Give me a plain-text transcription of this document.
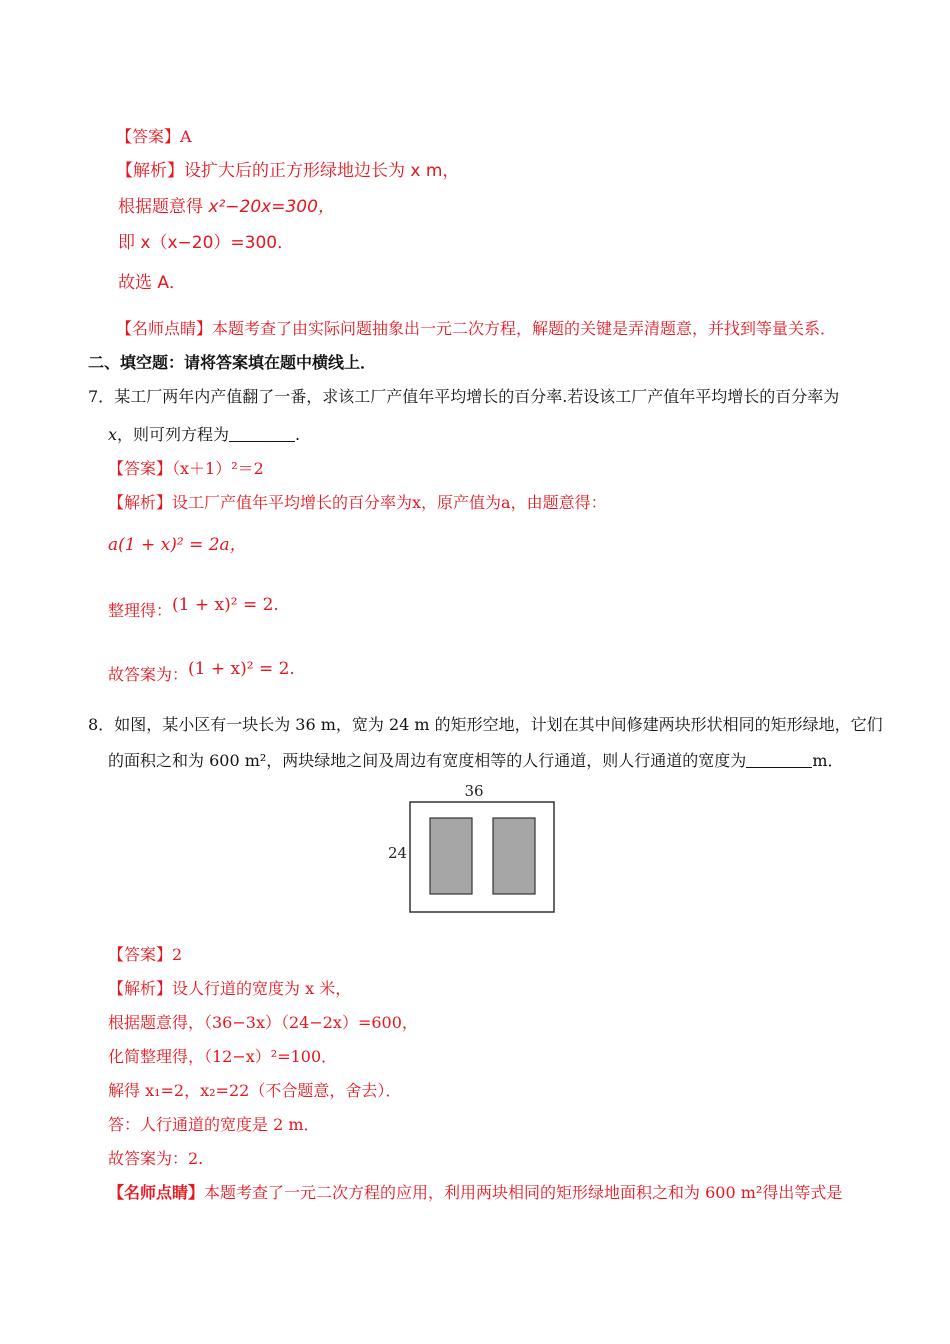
【答案】A
【解析】设扩大后的正方形绿地边长为 x m，
根据题意得 x²−20x=300，
即 x（x−20）=300．
故选 A．
【名师点睛】本题考查了由实际问题抽象出一元二次方程，解题的关键是弄清题意，并找到等量关系．
二、填空题：请将答案填在题中横线上．
7．某工厂两年内产值翻了一番，求该工厂产值年平均增长的百分率.若设该工厂产值年平均增长的百分率为
x，则可列方程为	.
【答案】（x＋1）²＝2
【解析】设工厂产值年平均增长的百分率为x，原产值为a，由题意得：
a(1 + x)² = 2a，
整理得：(1 + x)² = 2.
故答案为：(1 + x)² = 2.
8．如图，某小区有一块长为 36 m，宽为 24 m 的矩形空地，计划在其中间修建两块形状相同的矩形绿地，它们
的面积之和为 600 m²，两块绿地之间及周边有宽度相等的人行通道，则人行通道的宽度为	m．
36
24
【答案】2
【解析】设人行道的宽度为 x 米，
根据题意得，（36−3x）（24−2x）=600，
化简整理得，（12−x）²=100．
解得 x₁=2，x₂=22（不合题意，舍去）．
答：人行通道的宽度是 2 m．
故答案为：2.
【名师点睛】本题考查了一元二次方程的应用，利用两块相同的矩形绿地面积之和为 600 m²得出等式是
